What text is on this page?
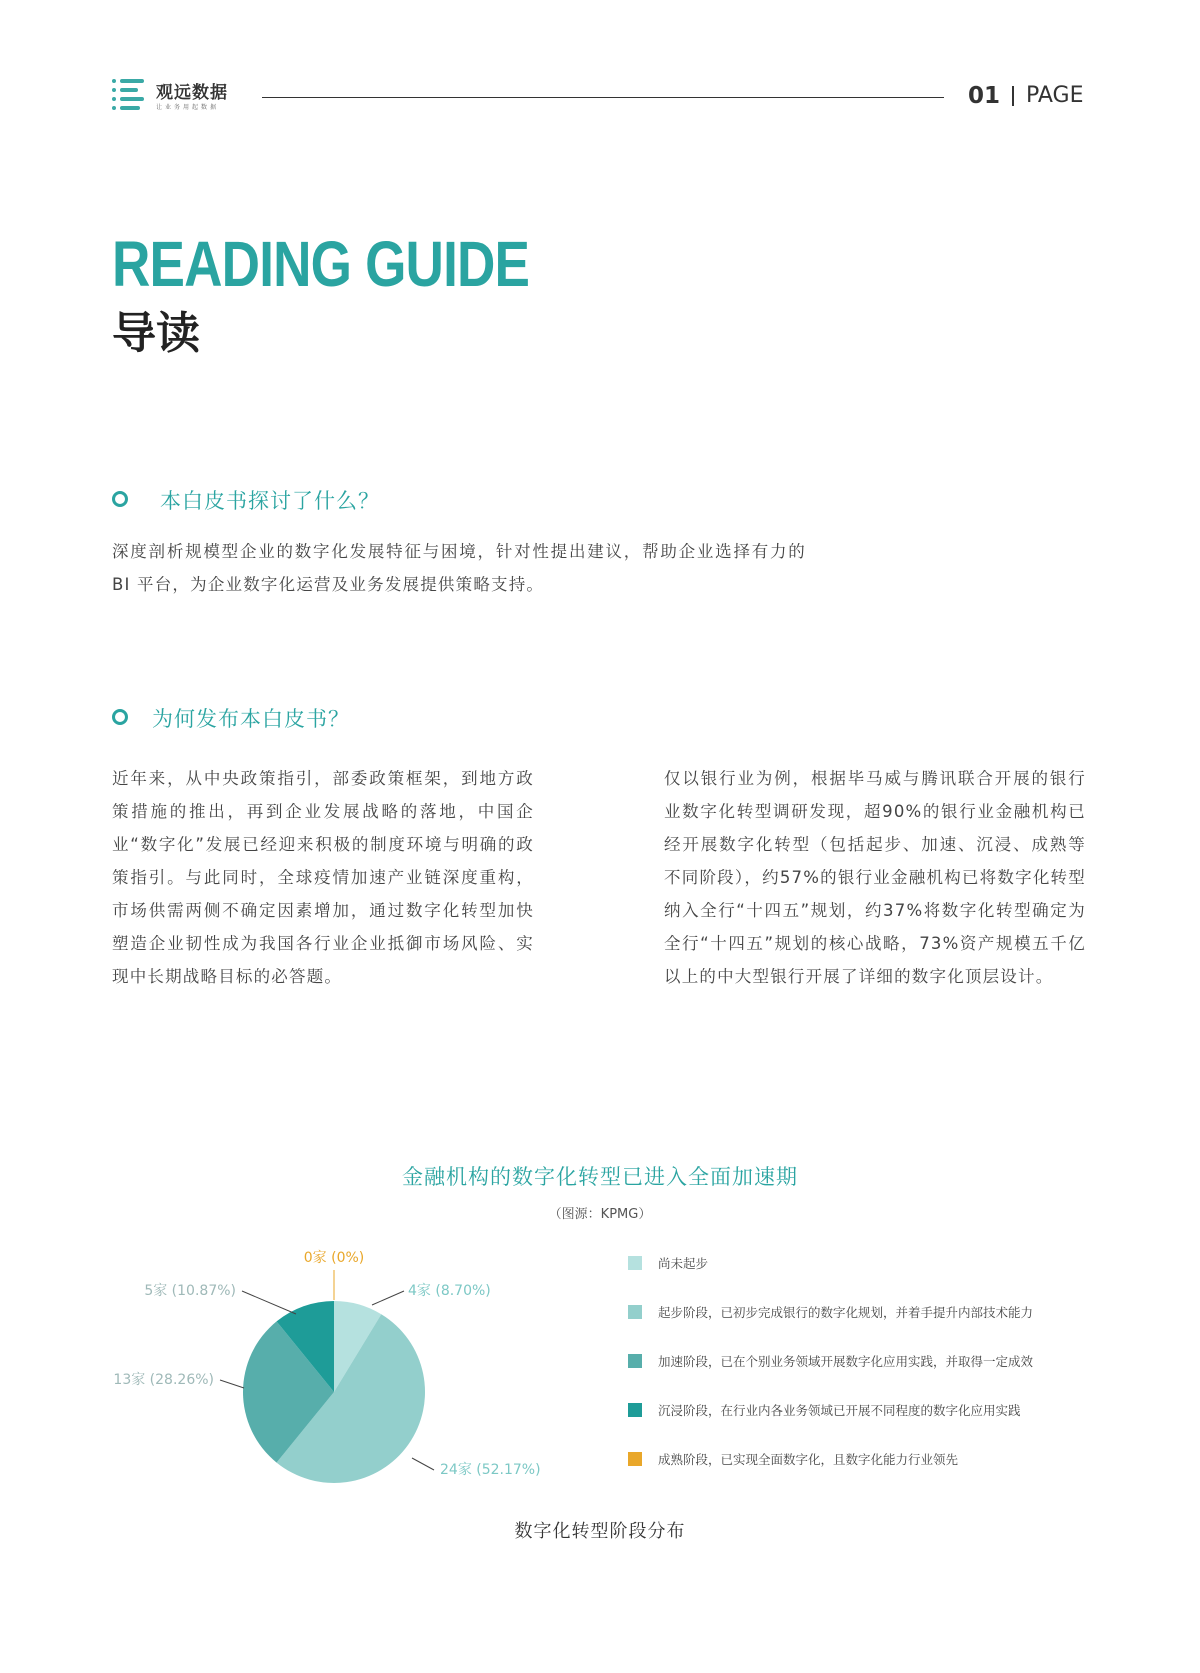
观远数据
让业务用起数据	01 PAGE
READING GUIDE
导读
本白皮书探讨了什么？
深度剖析规模型企业的数字化发展特征与困境，针对性提出建议，帮助企业选择有力的 BI 平台，为企业数字化运营及业务发展提供策略支持。
为何发布本白皮书？
近年来，从中央政策指引，部委政策框架，到地方政策措施的推出，再到企业发展战略的落地，中国企业“数字化”发展已经迎来积极的制度环境与明确的政策指引。与此同时，全球疫情加速产业链深度重构，市场供需两侧不确定因素增加，通过数字化转型加快塑造企业韧性成为我国各行业企业抵御市场风险、实现中长期战略目标的必答题。
仅以银行业为例，根据毕马威与腾讯联合开展的银行业数字化转型调研发现，超90%的银行业金融机构已经开展数字化转型（包括起步、加速、沉浸、成熟等不同阶段），约57%的银行业金融机构已将数字化转型纳入全行“十四五”规划，约37%将数字化转型确定为全行“十四五”规划的核心战略，73%资产规模五千亿以上的中大型银行开展了详细的数字化顶层设计。
金融机构的数字化转型已进入全面加速期
（图源：KPMG）
4家 (8.70%)
24家 (52.17%)
13家 (28.26%)
5家 (10.87%)
0家 (0%)	尚未起步
起步阶段，已初步完成银行的数字化规划，并着手提升内部技术能力
加速阶段，已在个别业务领域开展数字化应用实践，并取得一定成效
沉浸阶段，在行业内各业务领域已开展不同程度的数字化应用实践
成熟阶段，已实现全面数字化，且数字化能力行业领先
数字化转型阶段分布
